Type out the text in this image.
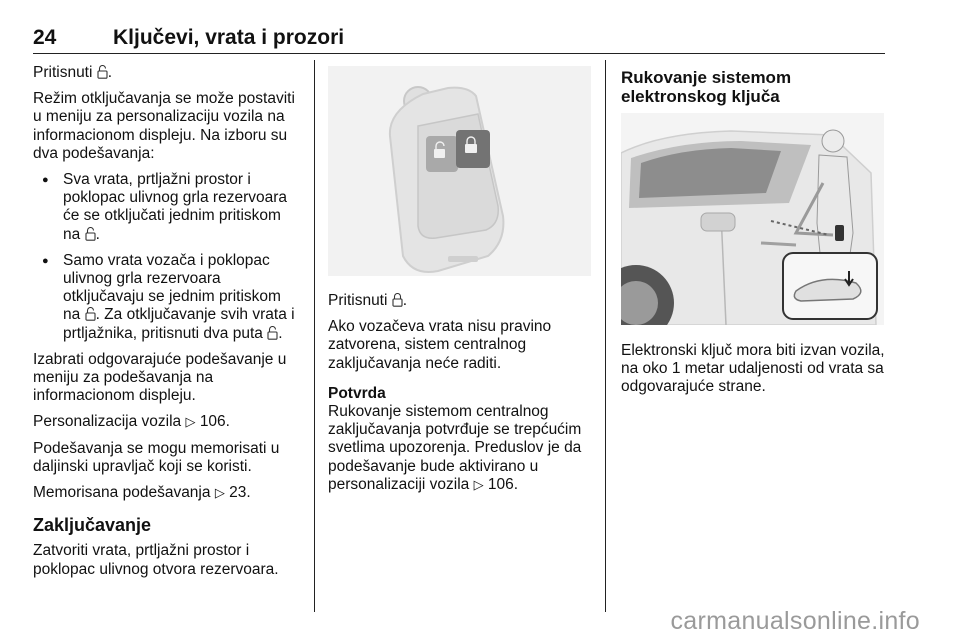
24	Ključevi, vrata i prozori

Pritisnuti .

Režim otključavanja se može postaviti u meniju za personalizaciju vozila na informacionom displeju. Na izboru su dva podešavanja:

● Sva vrata, prtljažni prostor i poklopac ulivnog grla rezervoara će se otključati jednim pritiskom na .
● Samo vrata vozača i poklopac ulivnog grla rezervoara otključavaju se jednim pritiskom na . Za otključavanje svih vrata i prtljažnika, pritisnuti dva puta .

Izabrati odgovarajuće podešavanje u meniju za podešavanja na informacionom displeju.

Personalizacija vozila ▷ 106.

Podešavanja se mogu memorisati u daljinski upravljač koji se koristi.

Memorisana podešavanja ▷ 23.

Zaključavanje

Zatvoriti vrata, prtljažni prostor i poklopac ulivnog otvora rezervoara.

Pritisnuti .

Ako vozačeva vrata nisu pravino zatvorena, sistem centralnog zaključavanja neće raditi.

Potvrda
Rukovanje sistemom centralnog zaključavanja potvrđuje se trepćućim svetlima upozorenja. Preduslov je da podešavanje bude aktivirano u personalizaciji vozila ▷ 106.

Rukovanje sistemom
elektronskog ključa

Elektronski ključ mora biti izvan vozila, na oko 1 metar udaljenosti od vrata sa odgovarajuće strane.

carmanualsonline.info
